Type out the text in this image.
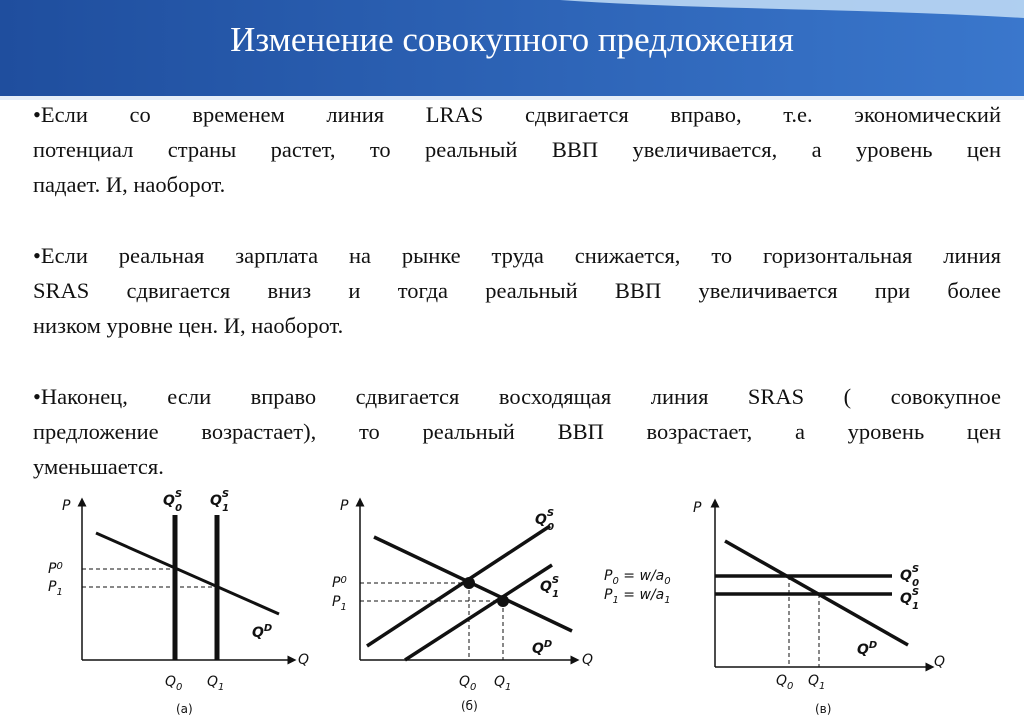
Изменение совокупного предложения
•Если со временем линия LRAS сдвигается вправо, т.е. экономический
потенциал страны растет, то реальный ВВП увеличивается, а уровень цен
падает. И, наоборот.
•Если реальная зарплата на рынке труда снижается, то горизонтальная линия
SRAS сдвигается вниз и тогда реальный ВВП увеличивается при более
низком уровне цен. И, наоборот.
•Наконец, если вправо сдвигается восходящая линия SRAS ( совокупное
предложение возрастает), то реальный ВВП возрастает, а уровень цен
уменьшается.
P
Q
$P^0$
$P_1$
$Q_0$ $Q_1$
$Q^S$ 0 $Q^S$ 1
$Q^D$
(а)
P
Q
$P^0$
$P_1$
$Q_0$ $Q_1$
$Q^S$ 0
$Q^S$ 1
$Q^D$
(б)
P
Q
$P_0 = w/a_0$
$P_1 = w/a_1$
$Q_0$ $Q_1$
$Q^S$ 0
$Q^S$ 1
$Q^D$
(в)
